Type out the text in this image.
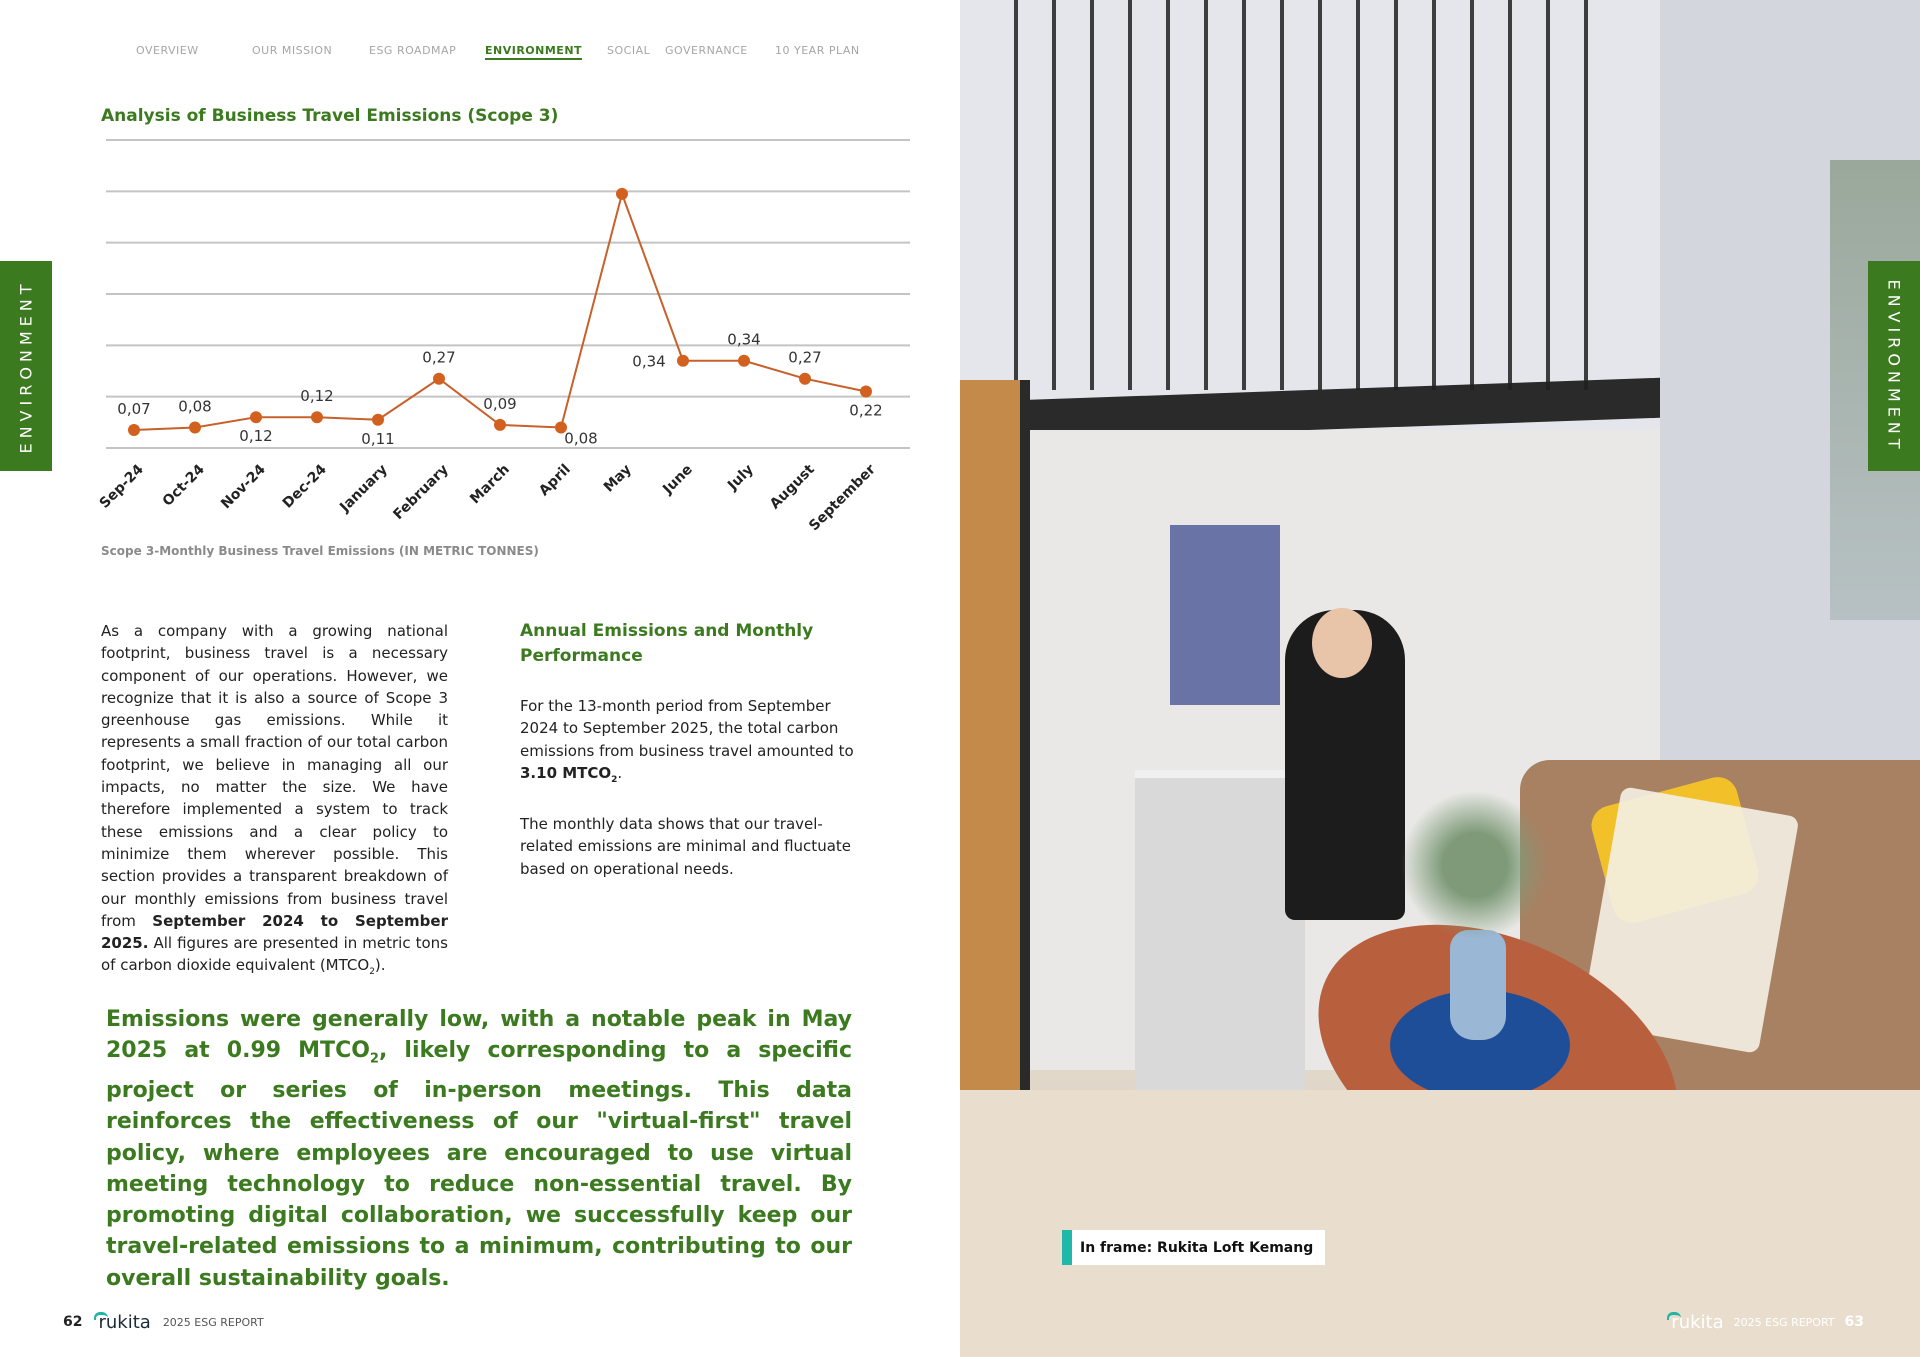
OVERVIEW	OUR MISSION	ESG ROADMAP	ENVIRONMENT SOCIAL GOVERNANCE 10 YEAR PLAN
ENVIRONMENT
Analysis of Business Travel Emissions (Scope 3)
0,07
Sep-24
0,08
Oct-24
0,12
Nov-24
0,12
Dec-24
0,11
January
0,27
February
0,09
March
0,08
April May
0,34
June
0,34
July
0,27
August
0,22
September
Scope 3-Monthly Business Travel Emissions (IN METRIC TONNES)
As a company with a growing national footprint, business travel is a necessary component of our operations. However, we recognize that it is also a source of Scope 3 greenhouse gas emissions. While it represents a small fraction of our total carbon footprint, we believe in managing all our impacts, no matter the size. We have therefore implemented a system to track these emissions and a clear policy to minimize them wherever possible. This section provides a transparent breakdown of our monthly emissions from business travel from September 2024 to September 2025. All figures are presented in metric tons of carbon dioxide equivalent $(MTCO_2)$.
Annual Emissions and Monthly Performance

For the 13-month period from September 2024 to September 2025, the total carbon emissions from business travel amounted to 3.10 $MTCO_2$.

The monthly data shows that our travel-related emissions are minimal and fluctuate based on operational needs.

Emissions were generally low, with a notable peak in May 2025 at 0.99 $MTCO_2$, likely corresponding to a specific project or series of in-person meetings. This data reinforces the effectiveness of our "virtual-first" travel policy, where employees are encouraged to use virtual meeting technology to reduce non-essential travel. By promoting digital collaboration, we successfully keep our travel-related emissions to a minimum, contributing to our overall sustainability goals.
62 rukita 2025 ESG REPORT
ENVIRONMENT
In frame: Rukita Loft Kemang
rukita 2025 ESG REPORT 63
